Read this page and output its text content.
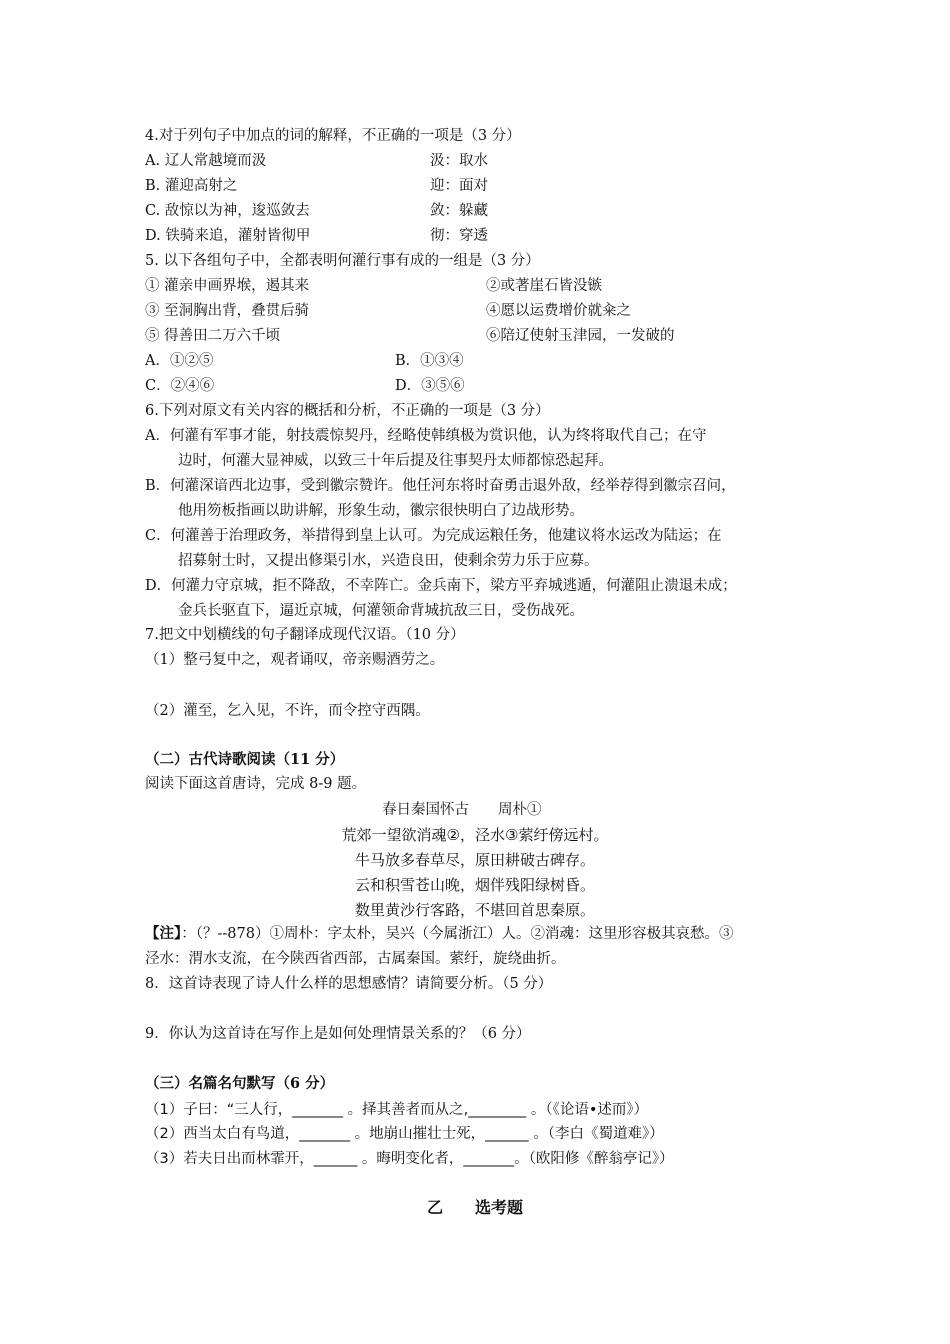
4.对于列句子中加点的词的解释，不正确的一项是（3 分）
A. 辽人常越境而汲	汲：取水
B. 灌迎高射之	迎：面对
C. 敌惊以为神，逡巡敛去	敛：躲藏
D. 铁骑来追，灌射皆彻甲	彻：穿透
5. 以下各组句子中，全都表明何灌行事有成的一组是（3 分）
① 灌亲申画界堠，遏其来	②或著崖石皆没镞
③ 至洞胸出背，叠贯后骑	④愿以运费增价就籴之
⑤ 得善田二万六千顷	⑥陪辽使射玉津园，一发破的
A．①②⑤	B．①③④
C．②④⑥	D．③⑤⑥
6.下列对原文有关内容的概括和分析，不正确的一项是（3 分）
A．何灌有军事才能，射技震惊契丹，经略使韩缜极为赏识他，认为终将取代自己；在守
边时，何灌大显神威，以致三十年后提及往事契丹太师都惊恐起拜。
B．何灌深谙西北边事，受到徽宗赞许。他任河东将时奋勇击退外敌，经举荐得到徽宗召问，
他用笏板指画以助讲解，形象生动，徽宗很快明白了边战形势。
C．何灌善于治理政务，举措得到皇上认可。为完成运粮任务，他建议将水运改为陆运；在
招募射士时，又提出修渠引水，兴造良田，使剩余劳力乐于应募。
D．何灌力守京城，拒不降敌，不幸阵亡。金兵南下，梁方平弃城逃遁，何灌阻止溃退未成；
金兵长驱直下，逼近京城，何灌领命背城抗敌三日，受伤战死。
7.把文中划横线的句子翻译成现代汉语。（10 分）
（1）整弓复中之，观者诵叹，帝亲赐酒劳之。
（2）灌至，乞入见，不许，而令控守西隅。
（二）古代诗歌阅读（11 分）
阅读下面这首唐诗，完成 8-9 题。
春日秦国怀古　　周朴①
荒郊一望欲消魂②，泾水③萦纡傍远村。
牛马放多春草尽，原田耕破古碑存。
云和积雪苍山晚，烟伴残阳绿树昏。
数里黄沙行客路，不堪回首思秦原。
【注】：（？--878）①周朴：字太朴，吴兴（今属浙江）人。②消魂：这里形容极其哀愁。③
泾水：渭水支流，在今陕西省西部，古属秦国。萦纡，旋绕曲折。
8．这首诗表现了诗人什么样的思想感情？请简要分析。（5 分）
9．你认为这首诗在写作上是如何处理情景关系的？（6 分）
（三）名篇名句默写（6 分）
（1）子曰：“三人行，_______ 。择其善者而从之,________ 。（《论语•述而》）
（2）西当太白有鸟道，_______ 。地崩山摧壮士死，______ 。（李白《蜀道难》）
（3）若夫日出而林霏开，______ 。晦明变化者，_______。（欧阳修《醉翁亭记》）
乙　　选考题
